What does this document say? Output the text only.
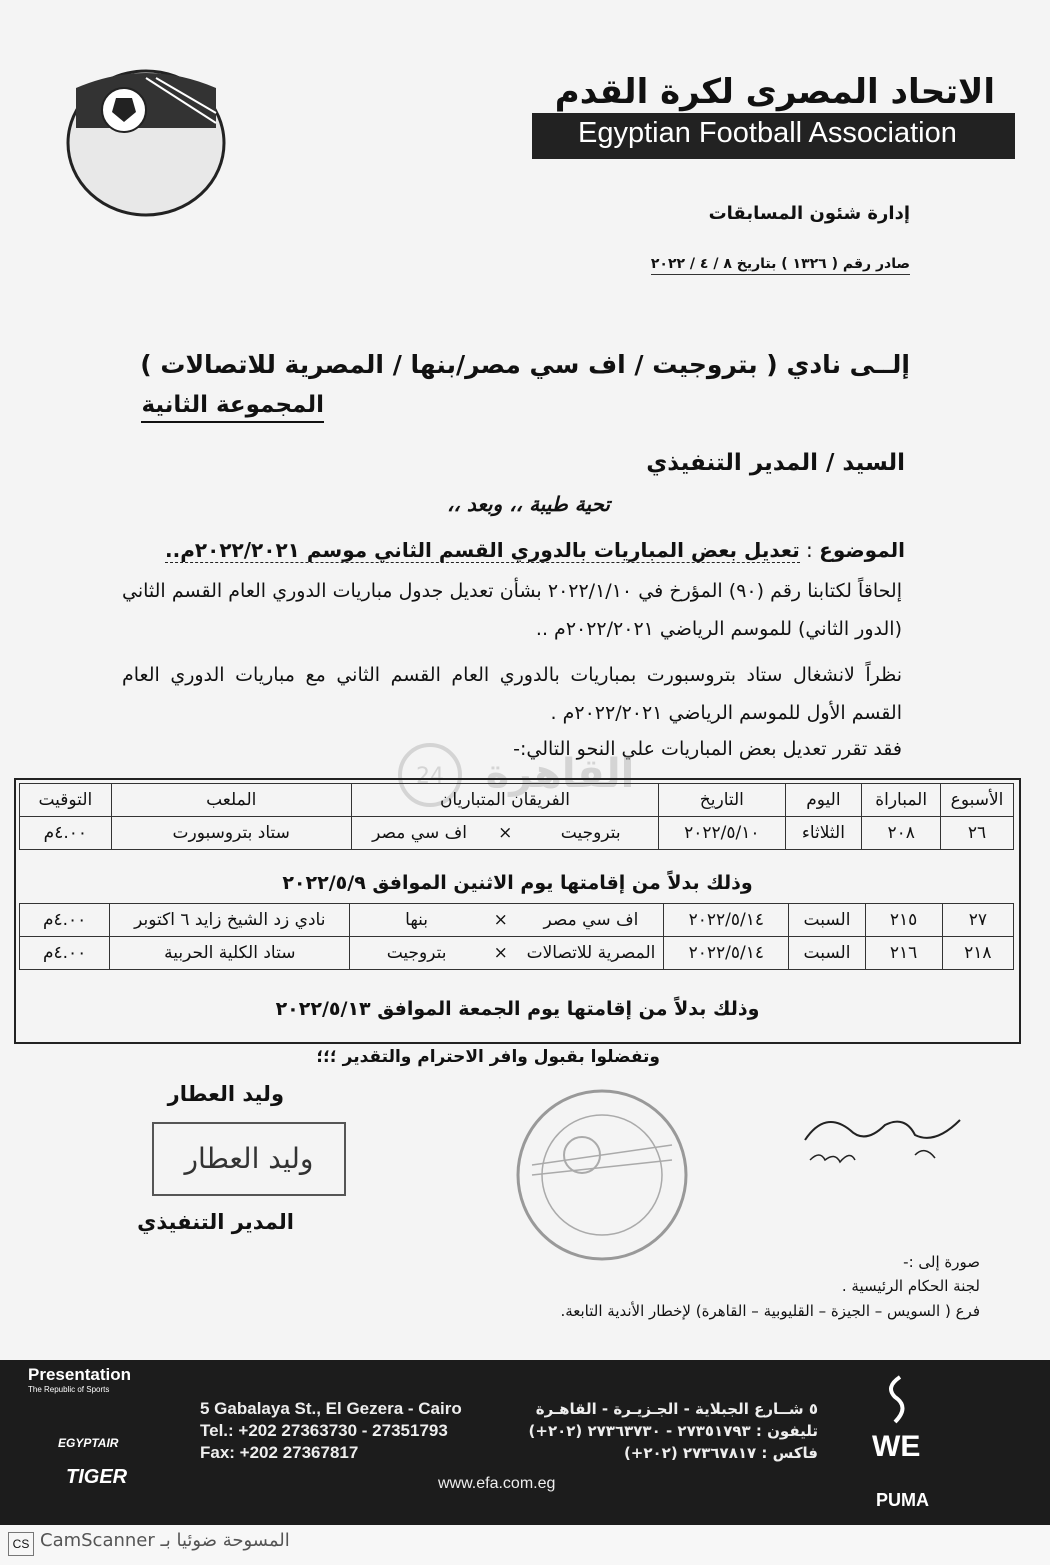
الاتحاد المصرى لكرة القدم
Egyptian Football Association
إدارة شئون المسابقات
صادر رقم ( ١٣٢٦ ) بتاريخ ٨ / ٤ / ٢٠٢٢
إلــى نادي ( بتروجيت / اف سي مصر/بنها / المصرية للاتصالات )
المجموعة الثانية
السيد / المدير التنفيذي
تحية طيبة ،، وبعد ،،
الموضوع : تعديل بعض المباريات بالدوري القسم الثاني موسم ٢٠٢٢/٢٠٢١م..
إلحاقاً لكتابنا رقم (٩٠) المؤرخ في ٢٠٢٢/١/١٠ بشأن تعديل جدول مباريات الدوري العام القسم الثاني (الدور الثاني) للموسم الرياضي ٢٠٢٢/٢٠٢١م ..
نظراً لانشغال ستاد بتروسبورت بمباريات بالدوري العام القسم الثاني مع مباريات الدوري العام القسم الأول للموسم الرياضي ٢٠٢٢/٢٠٢١م .
فقد تقرر تعديل بعض المباريات علي النحو التالي:-
24 القاهرة
الأسبوع	المباراة	اليوم	التاريخ	الفريقان المتباريان			الملعب	التوقيت
٢٦	٢٠٨	الثلاثاء	٢٠٢٢/٥/١٠	بتروجيت	×	اف سي مصر	ستاد بتروسبورت	٤.٠٠م
وذلك بدلاً من إقامتها يوم الاثنين الموافق ٢٠٢٢/٥/٩
٢٧	٢١٥	السبت	٢٠٢٢/٥/١٤	اف سي مصر	×	بنها	نادي زد الشيخ زايد ٦ اكتوبر	٤.٠٠م
٢١٨	٢١٦	السبت	٢٠٢٢/٥/١٤	المصرية للاتصالات	×	بتروجيت	ستاد الكلية الحربية	٤.٠٠م
وذلك بدلاً من إقامتها يوم الجمعة الموافق ٢٠٢٢/٥/١٣
وتفضلوا بقبول وافر الاحترام والتقدير ؛؛؛
وليد العطار
وليد العطار
المدير التنفيذي
صورة إلى :-
لجنة الحكام الرئيسية .
فرع ( السويس – الجيزة – القليوبية – القاهرة) لإخطار الأندية التابعة.
Presentation
The Republic of Sports
EGYPTAIR
TIGER
5 Gabalaya St., El Gezera - Cairo
Tel.: +202 27363730 - 27351793
Fax: +202 27367817
٥ شــارع الجبلاية - الجـزيـرة - القاهـرة
تليفون : ٢٧٣٥١٧٩٣ - ٢٧٣٦٣٧٣٠ (٢٠٢+)
فاكس : ٢٧٣٦٧٨١٧ (٢٠٢+)
www.efa.com.eg
WE
PUMA
CS CamScanner المسوحة ضوئيا بـ
